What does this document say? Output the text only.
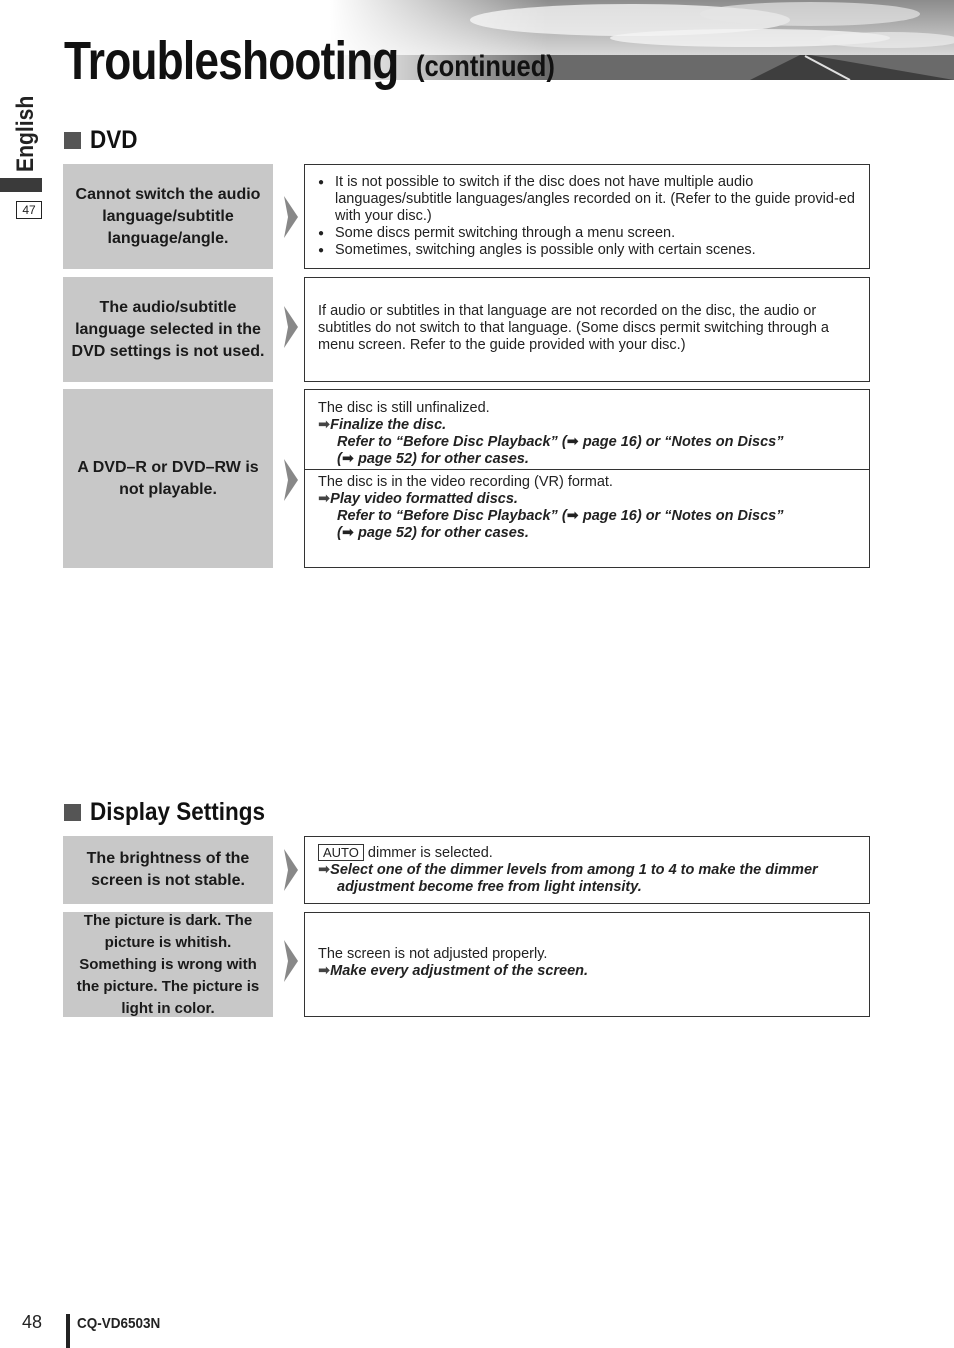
Troubleshooting (continued)
English
47
DVD
Cannot switch the audio language/subtitle language/angle.
● It is not possible to switch if the disc does not have multiple audio languages/subtitle languages/angles recorded on it. (Refer to the guide provid-ed with your disc.)
● Some discs permit switching through a menu screen.
● Sometimes, switching angles is possible only with certain scenes.
The audio/subtitle language selected in the DVD settings is not used.
If audio or subtitles in that language are not recorded on the disc, the audio or subtitles do not switch to that language. (Some discs permit switching through a menu screen. Refer to the guide provided with your disc.)
A DVD–R or DVD–RW is not playable.
The disc is still unfinalized.
➡Finalize the disc.
Refer to “Before Disc Playback” (➡ page 16) or “Notes on Discs”
(➡ page 52) for other cases.
The disc is in the video recording (VR) format.
➡Play video formatted discs.
Refer to “Before Disc Playback” (➡ page 16) or “Notes on Discs”
(➡ page 52) for other cases.
Display Settings
The brightness of the screen is not stable.
AUTO dimmer is selected.
➡Select one of the dimmer levels from among 1 to 4 to make the dimmer
adjustment become free from light intensity.
The picture is dark. The picture is whitish. Something is wrong with the picture. The picture is light in color.
The screen is not adjusted properly.
➡Make every adjustment of the screen.
48 CQ-VD6503N
